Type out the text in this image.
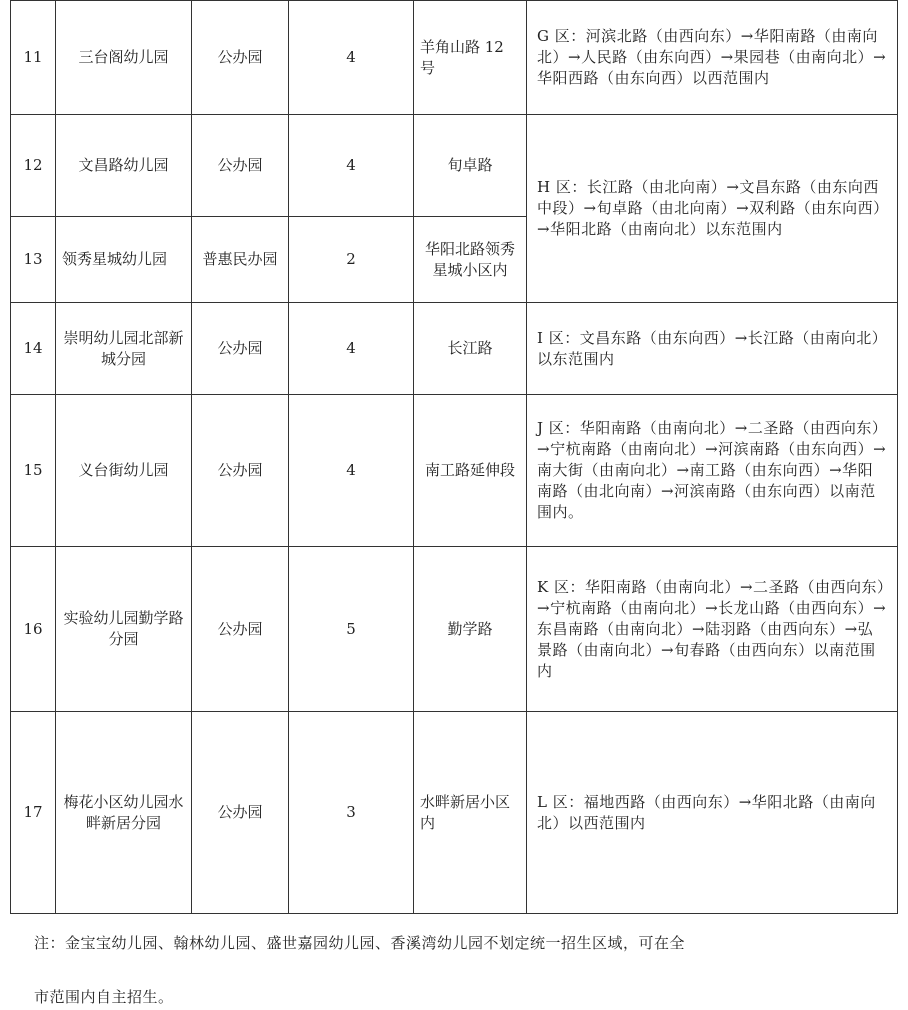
11	三台阁幼儿园	公办园	4	羊角山路 12 号	G 区：河滨北路（由西向东）→华阳南路（由南向北）→人民路（由东向西）→果园巷（由南向北）→华阳西路（由东向西）以西范围内
12	文昌路幼儿园	公办园	4	旬卓路	H 区：长江路（由北向南）→文昌东路（由东向西中段）→旬卓路（由北向南）→双利路（由东向西）→华阳北路（由南向北）以东范围内
13	领秀星城幼儿园	普惠民办园	2	华阳北路领秀星城小区内	
14	崇明幼儿园北部新城分园	公办园	4	长江路	I 区：文昌东路（由东向西）→长江路（由南向北）以东范围内
15	义台街幼儿园	公办园	4	南工路延伸段	J 区：华阳南路（由南向北）→二圣路（由西向东）→宁杭南路（由南向北）→河滨南路（由东向西）→南大街（由南向北）→南工路（由东向西）→华阳南路（由北向南）→河滨南路（由东向西）以南范围内。
16	实验幼儿园勤学路分园	公办园	5	勤学路	K 区：华阳南路（由南向北）→二圣路（由西向东）→宁杭南路（由南向北）→长龙山路（由西向东）→东昌南路（由南向北）→陆羽路（由西向东）→弘景路（由南向北）→旬春路（由西向东）以南范围内
17	梅花小区幼儿园水畔新居分园	公办园	3	水畔新居小区内	L 区：福地西路（由西向东）→华阳北路（由南向北）以西范围内
注：金宝宝幼儿园、翰林幼儿园、盛世嘉园幼儿园、香溪湾幼儿园不划定统一招生区域，可在全
市范围内自主招生。
